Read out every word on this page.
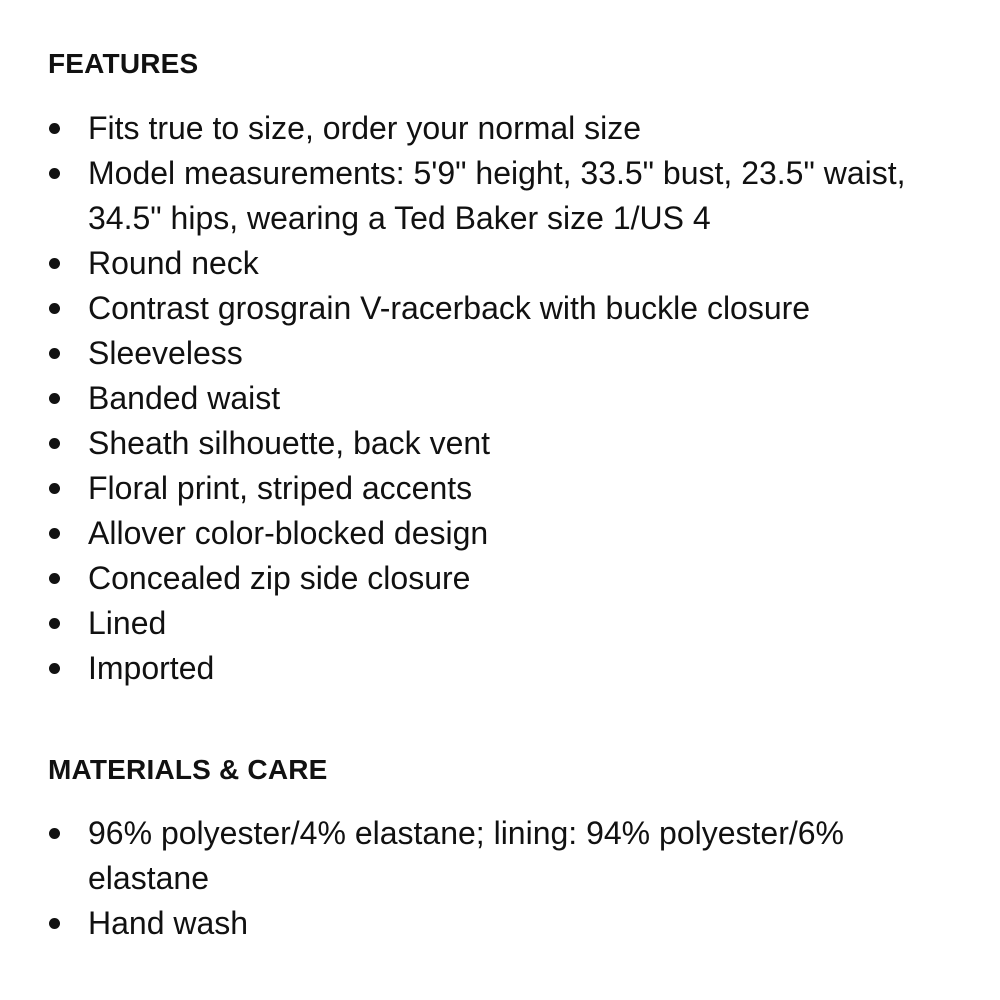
FEATURES
Fits true to size, order your normal size
Model measurements: 5'9" height, 33.5" bust, 23.5" waist, 34.5" hips, wearing a Ted Baker size 1/US 4
Round neck
Contrast grosgrain V-racerback with buckle closure
Sleeveless
Banded waist
Sheath silhouette, back vent
Floral print, striped accents
Allover color-blocked design
Concealed zip side closure
Lined
Imported
MATERIALS & CARE
96% polyester/4% elastane; lining: 94% polyester/6% elastane
Hand wash
